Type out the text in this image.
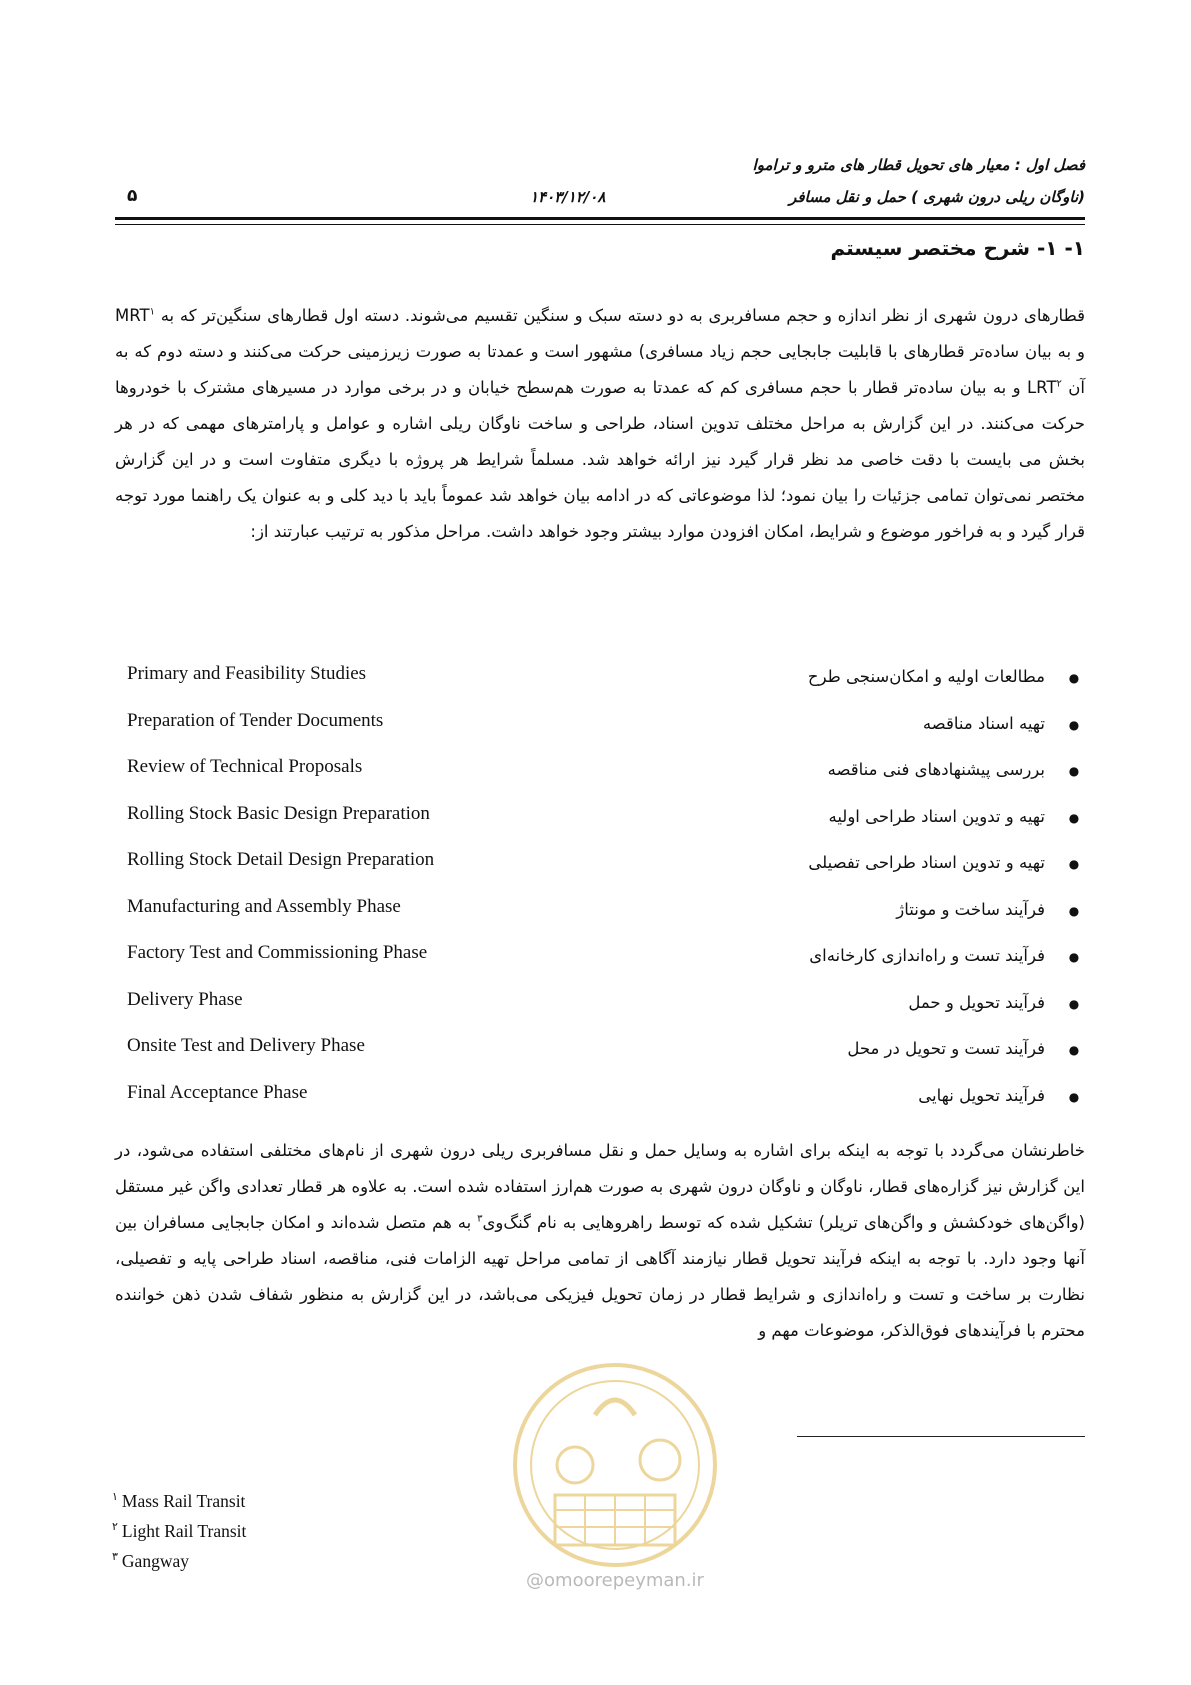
فصل اول : معیار های تحویل قطار های مترو و تراموا
(ناوگان ریلی درون شهری ) حمل و نقل مسافر
۱۴۰۳/۱۲/۰۸
۵
۱- ۱- شرح مختصر سیستم

قطارهای درون شهری از نظر اندازه و حجم مسافربری به دو دسته سبک و سنگین تقسیم می‌شوند. دسته اول قطارهای سنگین‌تر که به MRT$^۱$ و به بیان ساده‌تر قطارهای با قابلیت جابجایی حجم زیاد مسافری) مشهور است و عمدتا به صورت زیرزمینی حرکت می‌کنند و دسته دوم که به آن LRT$^۲$ و به بیان ساده‌تر قطار با حجم مسافری کم که عمدتا به صورت هم‌سطح خیابان و در برخی موارد در مسیرهای مشترک با خودروها حرکت می‌کنند. در این گزارش به مراحل مختلف تدوین اسناد، طراحی و ساخت ناوگان ریلی اشاره و عوامل و پارامترهای مهمی که در هر بخش می بایست با دقت خاصی مد نظر قرار گیرد نیز ارائه خواهد شد. مسلماً شرایط هر پروژه با دیگری متفاوت است و در این گزارش مختصر نمی‌توان تمامی جزئیات را بیان نمود؛ لذا موضوعاتی که در ادامه بیان خواهد شد عموماً باید با دید کلی و به عنوان یک راهنما مورد توجه قرار گیرد و به فراخور موضوع و شرایط، امکان افزودن موارد بیشتر وجود خواهد داشت. مراحل مذکور به ترتیب عبارتند از:

●مطالعات اولیه و امکان‌سنجی طرح
Primary and Feasibility Studies
●تهیه اسناد مناقصه
Preparation of Tender Documents
●بررسی پیشنهادهای فنی مناقصه
Review of Technical Proposals
●تهیه و تدوین اسناد طراحی اولیه
Rolling Stock Basic Design Preparation
●تهیه و تدوین اسناد طراحی تفصیلی
Rolling Stock Detail Design Preparation
●فرآیند ساخت و مونتاژ
Manufacturing and Assembly Phase
●فرآیند تست و راه‌اندازی کارخانه‌ای
Factory Test and Commissioning Phase
●فرآیند تحویل و حمل
Delivery Phase
●فرآیند تست و تحویل در محل
Onsite Test and Delivery Phase
●فرآیند تحویل نهایی
Final Acceptance Phase

خاطرنشان می‌گردد با توجه به اینکه برای اشاره به وسایل حمل و نقل مسافربری ریلی درون شهری از نام‌های مختلفی استفاده می‌شود، در این گزارش نیز گزاره‌های قطار، ناوگان و ناوگان درون شهری به صورت هم‌ارز استفاده شده است. به علاوه هر قطار تعدادی واگن غیر مستقل (واگن‌های خودکشش و واگن‌های تریلر) تشکیل شده که توسط راهروهایی به نام گنگ‌وی$^۳$ به هم متصل شده‌اند و امکان جابجایی مسافران بین آنها وجود دارد. با توجه به اینکه فرآیند تحویل قطار نیازمند آگاهی از تمامی مراحل تهیه الزامات فنی، مناقصه، اسناد طراحی پایه و تفصیلی، نظارت بر ساخت و تست و راه‌اندازی و شرایط قطار در زمان تحویل فیزیکی می‌باشد، در این گزارش به منظور شفاف شدن ذهن خواننده محترم با فرآیندهای فوق‌الذکر، موضوعات مهم و

$^۱$ Mass Rail Transit
$^۲$ Light Rail Transit
$^۳$ Gangway
@omoorepeyman.ir
